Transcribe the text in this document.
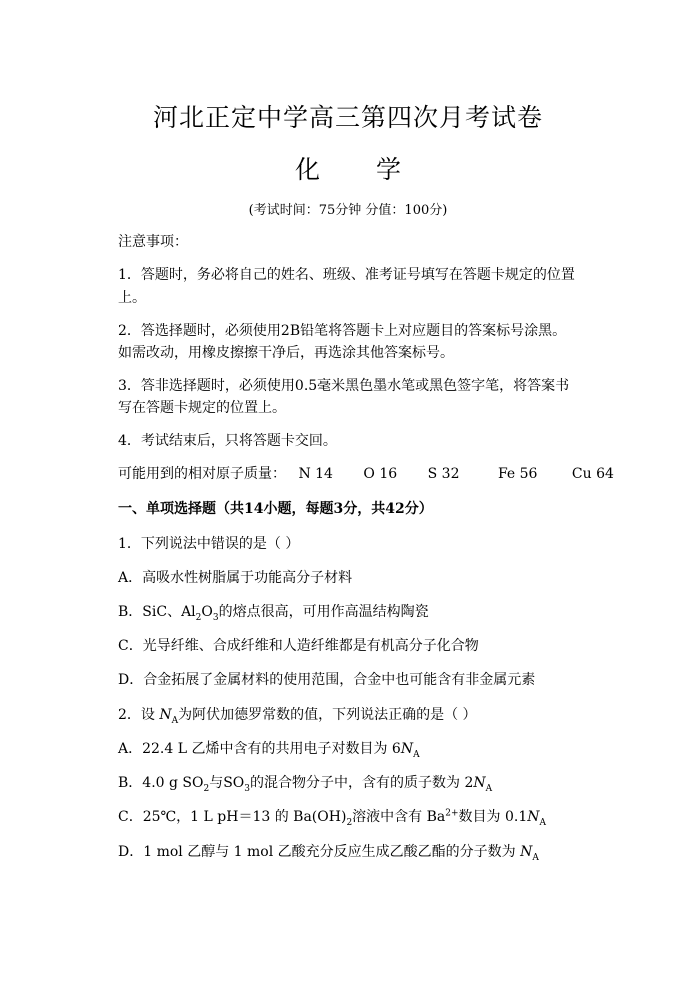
河北正定中学高三第四次月考试卷
化 学
(考试时间：75分钟 分值：100分)
注意事项：
1．答题时，务必将自己的姓名、班级、准考证号填写在答题卡规定的位置
上。
2．答选择题时，必须使用2B铅笔将答题卡上对应题目的答案标号涂黑。
如需改动，用橡皮擦擦干净后，再选涂其他答案标号。
3．答非选择题时，必须使用0.5毫米黑色墨水笔或黑色签字笔，将答案书
写在答题卡规定的位置上。
4．考试结束后，只将答题卡交回。
可能用到的相对原子质量： N 14 O 16 S 32	Fe 56 Cu 64
一、单项选择题（共14小题，每题3分，共42分）
1．下列说法中错误的是（ ）
A．高吸水性树脂属于功能高分子材料
B．SiC、$Al_2O_3$的熔点很高，可用作高温结构陶瓷
C．光导纤维、合成纤维和人造纤维都是有机高分子化合物
D．合金拓展了金属材料的使用范围，合金中也可能含有非金属元素
2．设 $N_A$为阿伏加德罗常数的值，下列说法正确的是（ ）
A．22.4 L 乙烯中含有的共用电子对数目为 $6N_A$
B．4.0 g $SO_2$与$SO_3$的混合物分子中，含有的质子数为 $2N_A$
C．25℃，1 L pH＝13 的 $Ba(OH)_2$溶液中含有 $Ba^{2+}$数目为 $0.1N_A$
D．1 mol 乙醇与 1 mol 乙酸充分反应生成乙酸乙酯的分子数为 $N_A$
